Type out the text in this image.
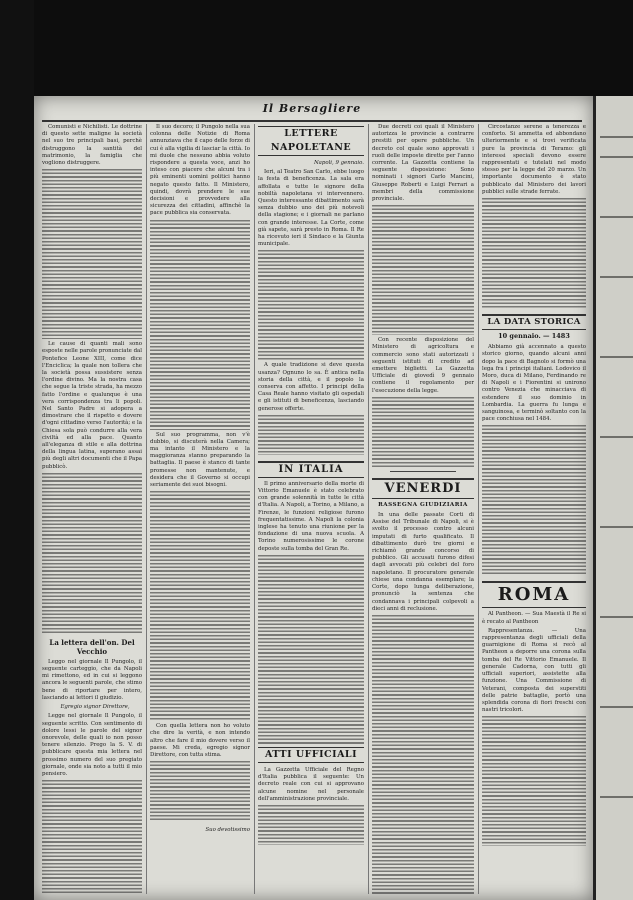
Il Bersagliere

Comunisti e Nichilisti. Le dottrine di questo sette maligne la società nel suo tre principali basi, perchè distruggono la santità del matrimonio, la famiglia che vogliono distruggere.

Le cause di quanti mali sono esposte nelle parole pronunciate dal Pontefice Leone XIII, come dice l'Enciclica; la quale non tollera che la società possa sussistere senza l'ordine divino. Ma la nostra casa che segue la triste strada, ha mezzo fatto l'ordine e qualunque è una vera corrispondenza tra li popoli. Nel Santo Padre si adopera a dimostrare che il rispetto e dovere d'ogni cittadino verso l'autorità; e la Chiesa sola può condurre alla vera civiltà ed alla pace. Quanto all'eleganza di stile e alla dottrina della lingua latina, superano assai più degli altri documenti che il Papa pubblicò.

La lettera dell'on. Del Vecchio

Leggo nel giornale Il Pungolo, il seguente carteggio, che da Napoli mi rimettono, ed in cui si leggono ancora le seguenti parole, che stimo bene di riportare per intero, lasciando ai lettori il giudizio.

Egregio signor Direttore,

Legge nel giornale Il Pungolo, il seguente scritto. Con sentimento di dolore lessi le parole del signor onorevole, delle quali io non posso tenere silenzio. Prego la S. V. di pubblicare questa mia lettera nel prossimo numero del suo pregiato giornale, onde sia noto a tutti il mio pensiero.

Il suo decoro; il Pungolo nella sua colonna delle Notizie di Roma annunziava che il capo delle forze di cui è alla vigilia di lasciar la città. Io mi duole che nessuno abbia voluto rispondere a questa voce, anzi ho inteso con piacere che alcuni tra i più eminenti uomini politici hanno negato questo fatto. Il Ministero, quindi, dovrà prendere le sue decisioni e provvedere alla sicurezza dei cittadini, affinchè la pace pubblica sia conservata.

Sul suo programma, non v'è dubbio, si discuterà nella Camera; ma intanto il Ministero e la maggioranza stanno preparando la battaglia. Il paese è stanco di tante promesse non mantenute, e desidera che il Governo si occupi seriamente dei suoi bisogni.

Con quella lettera non ho voluto che dire la verità, e non intendo altro che fare il mio dovere verso il paese. Mi creda, egregio signor Direttore, con tutta stima.

Suo devotissimo
LETTERE NAPOLETANE

Napoli, 9 gennaio.

Ieri, al Teatro San Carlo, ebbe luogo la festa di beneficenza. La sala era affollata e tutte le signore della nobiltà napoletana vi intervennero. Questo interessante dibattimento sarà senza dubbio uno dei più notevoli della stagione; e i giornali ne parlano con grande interesse. La Corte, come già sapete, sarà presto in Roma. Il Re ha ricevuto ieri il Sindaco e la Giunta municipale.

A quale tradizione si deve questa usanza? Ognuno lo sa. È antica nella storia della città, e il popolo la conserva con affetto. I principi della Casa Reale hanno visitato gli ospedali e gli istituti di beneficenza, lasciando generose offerte.

IN ITALIA

Il primo anniversario della morte di Vittorio Emanuele è stato celebrato con grande solennità in tutte le città d'Italia. A Napoli, a Torino, a Milano, a Firenze, le funzioni religiose furono frequentatissime. A Napoli la colonia inglese ha tenuto una riunione per la fondazione di una nuova scuola. A Torino numerosissime le corone deposte sulla tomba del Gran Re.

ATTI UFFICIALI

La Gazzetta Ufficiale del Regno d'Italia pubblica il seguente: Un decreto reale con cui si approvano alcune nomine nel personale dell'amministrazione provinciale.

Due decreti coi quali il Ministero autorizza le provincie a contrarre prestiti per opere pubbliche. Un decreto col quale sono approvati i ruoli delle imposte dirette per l'anno corrente. La Gazzetta contiene la seguente disposizione: Sono nominati i signori Carlo Mancini, Giuseppe Roberti e Luigi Ferrari a membri della commissione provinciale.

Con recente disposizione del Ministero di agricoltura e commercio sono stati autorizzati i seguenti istituti di credito ad emettere biglietti. La Gazzetta Ufficiale di giovedì 9 gennaio contiene il regolamento per l'esecuzione della legge.

VENERDI
RASSEGNA GIUDIZIARIA

In una delle passate Corti di Assise del Tribunale di Napoli, si è svolto il processo contro alcuni imputati di furto qualificato. Il dibattimento durò tre giorni e richiamò grande concorso di pubblico. Gli accusati furono difesi dagli avvocati più celebri del foro napoletano. Il procuratore generale chiese una condanna esemplare; la Corte, dopo lunga deliberazione, pronunciò la sentenza che condannava i principali colpevoli a dieci anni di reclusione.

Circostanze serene a tenerezza e conforto. Si ammetta ed abbondano ulteriormente e si trovi verificata pure la provincia di Teramo: gli interessi speciali devono essere rappresentati e tutelati nel modo stesso per la legge del 20 marzo. Un importante documento è stato pubblicato dal Ministero dei lavori pubblici sulle strade ferrate.

LA DATA STORICA
10 gennaio. — 1483

Abbiamo già accennato a questo storico giorno, quando alcuni anni dopo la pace di Bagnolo si formò una lega fra i principi italiani. Lodovico il Moro, duca di Milano, Ferdinando re di Napoli e i Fiorentini si unirono contro Venezia che minacciava di estendere il suo dominio in Lombardia. La guerra fu lunga e sanguinosa, e terminò soltanto con la pace conchiusa nel 1484.

ROMA

Al Pantheon. — Sua Maestà il Re si è recato al Pantheon

Rappresentanza. — Una rappresentanza degli ufficiali della guarnigione di Roma si recò al Pantheon a deporre una corona sulla tomba del Re Vittorio Emanuele. Il generale Cadorna, con tutti gli ufficiali superiori, assistette alla funzione. Una Commissione di Veterani, composta dei superstiti delle patrie battaglie, portò una splendida corona di fiori freschi con nastri tricolori.
